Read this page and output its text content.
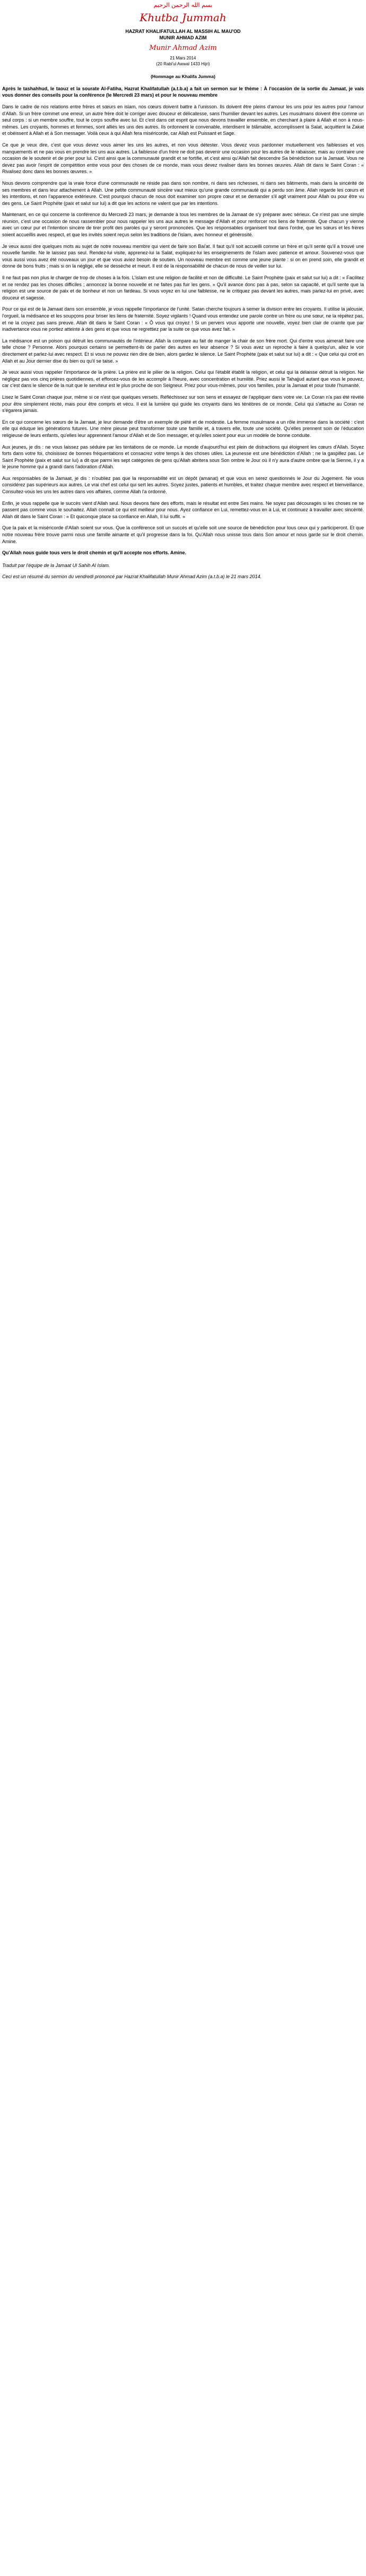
بسم الله الرحمن الرحيم
Khutba Jummah
HAZRAT KHALIFATULLAH AL MASSIH AL MAU'OD
MUNIR AHMAD AZIM
Munir Ahmad Azim
21 Mars 2014
(20 Rabi'ul Awwal 1433 Hijri)
(Hommage au Khalifa Jumma)
Après le tashahhud, le taouz et la sourate Al-Fatiha, Hazrat Khalifatullah (a.t.b.a) a fait un sermon sur le thème : À l'occasion de la sortie du Jamaat, je vais vous donner des conseils pour la conférence (le Mercredi 23 mars) et pour le nouveau membre
Dans le cadre de nos relations entre frères et sœurs en islam, nos cœurs doivent battre à l'unisson. Ils doivent être pleins d'amour les uns pour les autres pour l'amour d'Allah. Si un frère commet une erreur, un autre frère doit le corriger avec douceur et délicatesse, sans l'humilier devant les autres. Les musulmans doivent être comme un seul corps : si un membre souffre, tout le corps souffre avec lui. Et c'est dans cet esprit que nous devons travailler ensemble, en cherchant à plaire à Allah et non à nous-mêmes. Les croyants, hommes et femmes, sont alliés les uns des autres. Ils ordonnent le convenable, interdisent le blâmable, accomplissent la Salat, acquittent la Zakat et obéissent à Allah et à Son messager. Voilà ceux à qui Allah fera miséricorde, car Allah est Puissant et Sage.
Ce que je veux dire, c'est que vous devez vous aimer les uns les autres, et non vous détester. Vous devez vous pardonner mutuellement vos faiblesses et vos manquements et ne pas vous en prendre les uns aux autres. La faiblesse d'un frère ne doit pas devenir une occasion pour les autres de le rabaisser, mais au contraire une occasion de le soutenir et de prier pour lui. C'est ainsi que la communauté grandit et se fortifie, et c'est ainsi qu'Allah fait descendre Sa bénédiction sur la Jamaat. Vous ne devez pas avoir l'esprit de compétition entre vous pour des choses de ce monde, mais vous devez rivaliser dans les bonnes œuvres. Allah dit dans le Saint Coran : « Rivalisez donc dans les bonnes œuvres. »
Nous devons comprendre que la vraie force d'une communauté ne réside pas dans son nombre, ni dans ses richesses, ni dans ses bâtiments, mais dans la sincérité de ses membres et dans leur attachement à Allah. Une petite communauté sincère vaut mieux qu'une grande communauté qui a perdu son âme. Allah regarde les cœurs et les intentions, et non l'apparence extérieure. C'est pourquoi chacun de nous doit examiner son propre cœur et se demander s'il agit vraiment pour Allah ou pour être vu des gens. Le Saint Prophète (paix et salut sur lui) a dit que les actions ne valent que par les intentions.
Maintenant, en ce qui concerne la conférence du Mercredi 23 mars, je demande à tous les membres de la Jamaat de s'y préparer avec sérieux. Ce n'est pas une simple réunion, c'est une occasion de nous rassembler pour nous rappeler les uns aux autres le message d'Allah et pour renforcer nos liens de fraternité. Que chacun y vienne avec un cœur pur et l'intention sincère de tirer profit des paroles qui y seront prononcées. Que les responsables organisent tout dans l'ordre, que les sœurs et les frères soient accueillis avec respect, et que les invités soient reçus selon les traditions de l'islam, avec honneur et générosité.
Je veux aussi dire quelques mots au sujet de notre nouveau membre qui vient de faire son Bai'at. Il faut qu'il soit accueilli comme un frère et qu'il sente qu'il a trouvé une nouvelle famille. Ne le laissez pas seul. Rendez-lui visite, apprenez-lui la Salat, expliquez-lui les enseignements de l'islam avec patience et amour. Souvenez-vous que vous aussi vous avez été nouveaux un jour et que vous aviez besoin de soutien. Un nouveau membre est comme une jeune plante : si on en prend soin, elle grandit et donne de bons fruits ; mais si on la néglige, elle se dessèche et meurt. Il est de la responsabilité de chacun de nous de veiller sur lui.
Il ne faut pas non plus le charger de trop de choses à la fois. L'islam est une religion de facilité et non de difficulté. Le Saint Prophète (paix et salut sur lui) a dit : « Facilitez et ne rendez pas les choses difficiles ; annoncez la bonne nouvelle et ne faites pas fuir les gens. » Qu'il avance donc pas à pas, selon sa capacité, et qu'il sente que la religion est une source de paix et de bonheur et non un fardeau. Si vous voyez en lui une faiblesse, ne le critiquez pas devant les autres, mais parlez-lui en privé, avec douceur et sagesse.
Pour ce qui est de la Jamaat dans son ensemble, je vous rappelle l'importance de l'unité. Satan cherche toujours à semer la division entre les croyants. Il utilise la jalousie, l'orgueil, la médisance et les soupçons pour briser les liens de fraternité. Soyez vigilants ! Quand vous entendez une parole contre un frère ou une sœur, ne la répétez pas, et ne la croyez pas sans preuve. Allah dit dans le Saint Coran : « Ô vous qui croyez ! Si un pervers vous apporte une nouvelle, voyez bien clair de crainte que par inadvertance vous ne portiez atteinte à des gens et que vous ne regrettiez par la suite ce que vous avez fait. »
La médisance est un poison qui détruit les communautés de l'intérieur. Allah la compare au fait de manger la chair de son frère mort. Qui d'entre vous aimerait faire une telle chose ? Personne. Alors pourquoi certains se permettent-ils de parler des autres en leur absence ? Si vous avez un reproche à faire à quelqu'un, allez le voir directement et parlez-lui avec respect. Et si vous ne pouvez rien dire de bien, alors gardez le silence. Le Saint Prophète (paix et salut sur lui) a dit : « Que celui qui croit en Allah et au Jour dernier dise du bien ou qu'il se taise. »
Je veux aussi vous rappeler l'importance de la prière. La prière est le pilier de la religion. Celui qui l'établit établit la religion, et celui qui la délaisse détruit la religion. Ne négligez pas vos cinq prières quotidiennes, et efforcez-vous de les accomplir à l'heure, avec concentration et humilité. Priez aussi le Tahajjud autant que vous le pouvez, car c'est dans le silence de la nuit que le serviteur est le plus proche de son Seigneur. Priez pour vous-mêmes, pour vos familles, pour la Jamaat et pour toute l'humanité.
Lisez le Saint Coran chaque jour, même si ce n'est que quelques versets. Réfléchissez sur son sens et essayez de l'appliquer dans votre vie. Le Coran n'a pas été révélé pour être simplement récité, mais pour être compris et vécu. Il est la lumière qui guide les croyants dans les ténèbres de ce monde. Celui qui s'attache au Coran ne s'égarera jamais.
En ce qui concerne les sœurs de la Jamaat, je leur demande d'être un exemple de piété et de modestie. La femme musulmane a un rôle immense dans la société : c'est elle qui éduque les générations futures. Une mère pieuse peut transformer toute une famille et, à travers elle, toute une société. Qu'elles prennent soin de l'éducation religieuse de leurs enfants, qu'elles leur apprennent l'amour d'Allah et de Son messager, et qu'elles soient pour eux un modèle de bonne conduite.
Aux jeunes, je dis : ne vous laissez pas séduire par les tentations de ce monde. Le monde d'aujourd'hui est plein de distractions qui éloignent les cœurs d'Allah. Soyez forts dans votre foi, choisissez de bonnes fréquentations et consacrez votre temps à des choses utiles. La jeunesse est une bénédiction d'Allah ; ne la gaspillez pas. Le Saint Prophète (paix et salut sur lui) a dit que parmi les sept catégories de gens qu'Allah abritera sous Son ombre le Jour où il n'y aura d'autre ombre que la Sienne, il y a le jeune homme qui a grandi dans l'adoration d'Allah.
Aux responsables de la Jamaat, je dis : n'oubliez pas que la responsabilité est un dépôt (amanat) et que vous en serez questionnés le Jour du Jugement. Ne vous considérez pas supérieurs aux autres. Le vrai chef est celui qui sert les autres. Soyez justes, patients et humbles, et traitez chaque membre avec respect et bienveillance. Consultez-vous les uns les autres dans vos affaires, comme Allah l'a ordonné.
Enfin, je vous rappelle que le succès vient d'Allah seul. Nous devons faire des efforts, mais le résultat est entre Ses mains. Ne soyez pas découragés si les choses ne se passent pas comme vous le souhaitez. Allah connaît ce qui est meilleur pour nous. Ayez confiance en Lui, remettez-vous en à Lui, et continuez à travailler avec sincérité. Allah dit dans le Saint Coran : « Et quiconque place sa confiance en Allah, Il lui suffit. »
Que la paix et la miséricorde d'Allah soient sur vous. Que la conférence soit un succès et qu'elle soit une source de bénédiction pour tous ceux qui y participeront. Et que notre nouveau frère trouve parmi nous une famille aimante et qu'il progresse dans la foi. Qu'Allah nous unisse tous dans Son amour et nous garde sur le droit chemin. Amine.
Qu'Allah nous guide tous vers le droit chemin et qu'Il accepte nos efforts. Amine.
Traduit par l'équipe de la Jamaat Ul Sahih Al Islam.
Ceci est un résumé du sermon du vendredi prononcé par Hazrat Khalifatullah Munir Ahmad Azim (a.t.b.a) le 21 mars 2014.
